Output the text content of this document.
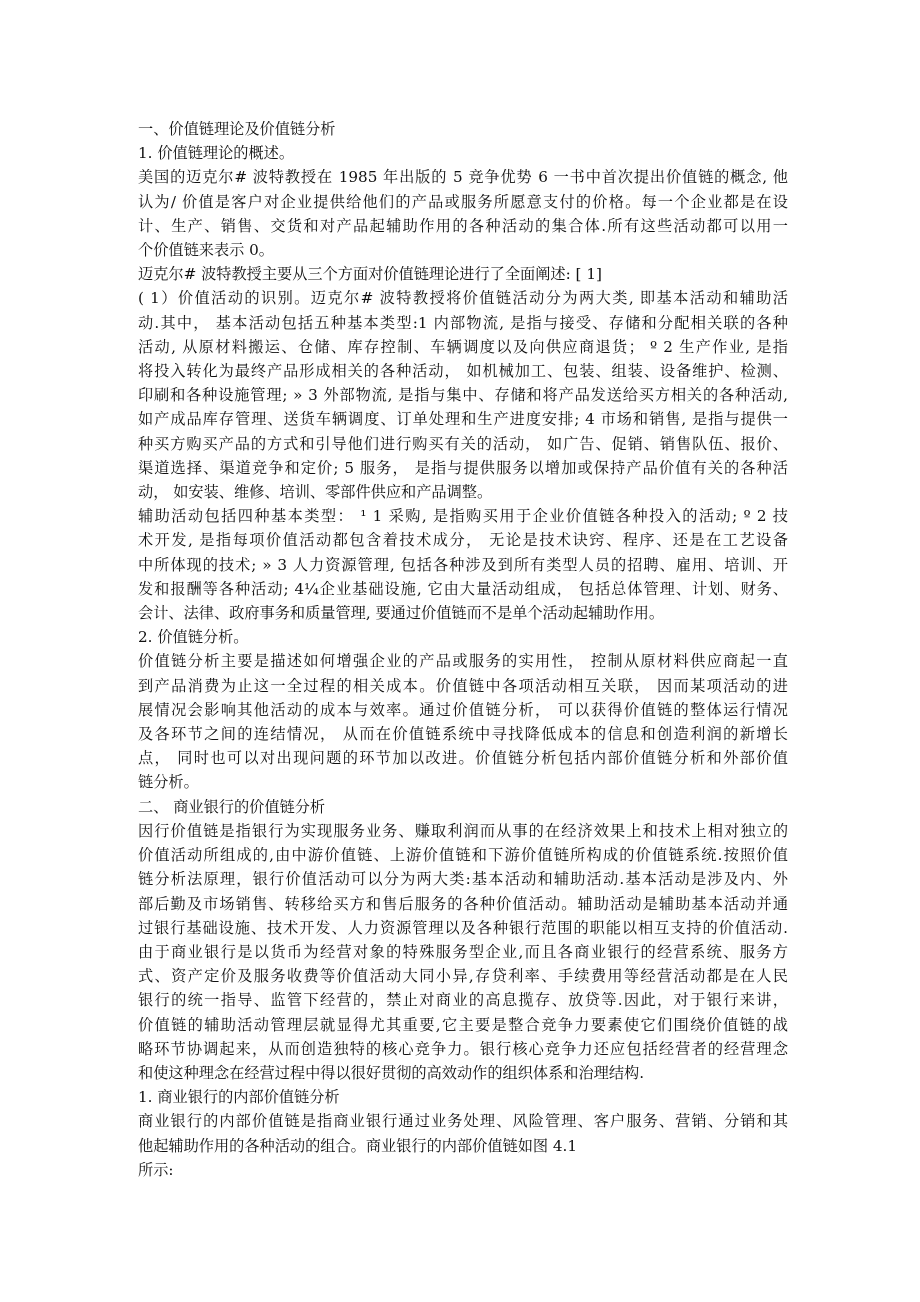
一、价值链理论及价值链分析

1. 价值链理论的概述。

美国的迈克尔# 波特教授在 1985 年出版的 5 竞争优势 6 一书中首次提出价值链的概念, 他
认为/ 价值是客户对企业提供给他们的产品或服务所愿意支付的价格。每一个企业都是在设
计、生产、销售、交货和对产品起辅助作用的各种活动的集合体.所有这些活动都可以用一
个价值链来表示 0。

迈克尔# 波特教授主要从三个方面对价值链理论进行了全面阐述: [ 1]

( 1）价值活动的识别。迈克尔# 波特教授将价值链活动分为两大类, 即基本活动和辅助活
动.其中， 基本活动包括五种基本类型:1 内部物流, 是指与接受、存储和分配相关联的各种
活动, 从原材料搬运、仓储、库存控制、车辆调度以及向供应商退货； º 2 生产作业, 是指
将投入转化为最终产品形成相关的各种活动， 如机械加工、包装、组装、设备维护、检测、
印刷和各种设施管理; » 3 外部物流, 是指与集中、存储和将产品发送给买方相关的各种活动,
如产成品库存管理、送货车辆调度、订单处理和生产进度安排; 4 市场和销售, 是指与提供一
种买方购买产品的方式和引导他们进行购买有关的活动， 如广告、促销、销售队伍、报价、
渠道选择、渠道竞争和定价; 5 服务， 是指与提供服务以增加或保持产品价值有关的各种活
动， 如安装、维修、培训、零部件供应和产品调整。
辅助活动包括四种基本类型： ¹ 1 采购, 是指购买用于企业价值链各种投入的活动; º 2 技
术开发, 是指每项价值活动都包含着技术成分， 无论是技术诀窍、程序、还是在工艺设备
中所体现的技术; » 3 人力资源管理, 包括各种涉及到所有类型人员的招聘、雇用、培训、开
发和报酬等各种活动; 4¼企业基础设施, 它由大量活动组成， 包括总体管理、计划、财务、
会计、法律、政府事务和质量管理, 要通过价值链而不是单个活动起辅助作用。

2. 价值链分析。

价值链分析主要是描述如何增强企业的产品或服务的实用性， 控制从原材料供应商起一直
到产品消费为止这一全过程的相关成本。价值链中各项活动相互关联， 因而某项活动的进
展情况会影响其他活动的成本与效率。通过价值链分析， 可以获得价值链的整体运行情况
及各环节之间的连结情况， 从而在价值链系统中寻找降低成本的信息和创造利润的新增长
点， 同时也可以对出现问题的环节加以改进。价值链分析包括内部价值链分析和外部价值
链分析。

二、 商业银行的价值链分析

因行价值链是指银行为实现服务业务、赚取利润而从事的在经济效果上和技术上相对独立的
价值活动所组成的,由中游价值链、上游价值链和下游价值链所构成的价值链系统.按照价值
链分析法原理，银行价值活动可以分为两大类:基本活动和辅助活动.基本活动是涉及内、外
部后勤及市场销售、转移给买方和售后服务的各种价值活动。辅助活动是辅助基本活动并通
过银行基础设施、技术开发、人力资源管理以及各种银行范围的职能以相互支持的价值活动.
由于商业银行是以货币为经营对象的特殊服务型企业,而且各商业银行的经营系统、服务方
式、资产定价及服务收费等价值活动大同小异,存贷利率、手续费用等经营活动都是在人民
银行的统一指导、监管下经营的，禁止对商业的高息揽存、放贷等.因此，对于银行来讲，
价值链的辅助活动管理层就显得尤其重要,它主要是整合竞争力要素使它们围绕价值链的战
略环节协调起来，从而创造独特的核心竞争力。银行核心竞争力还应包括经营者的经营理念
和使这种理念在经营过程中得以很好贯彻的高效动作的组织体系和治理结构.

1. 商业银行的内部价值链分析

商业银行的内部价值链是指商业银行通过业务处理、风险管理、客户服务、营销、分销和其
他起辅助作用的各种活动的组合。商业银行的内部价值链如图 4.1

所示:
